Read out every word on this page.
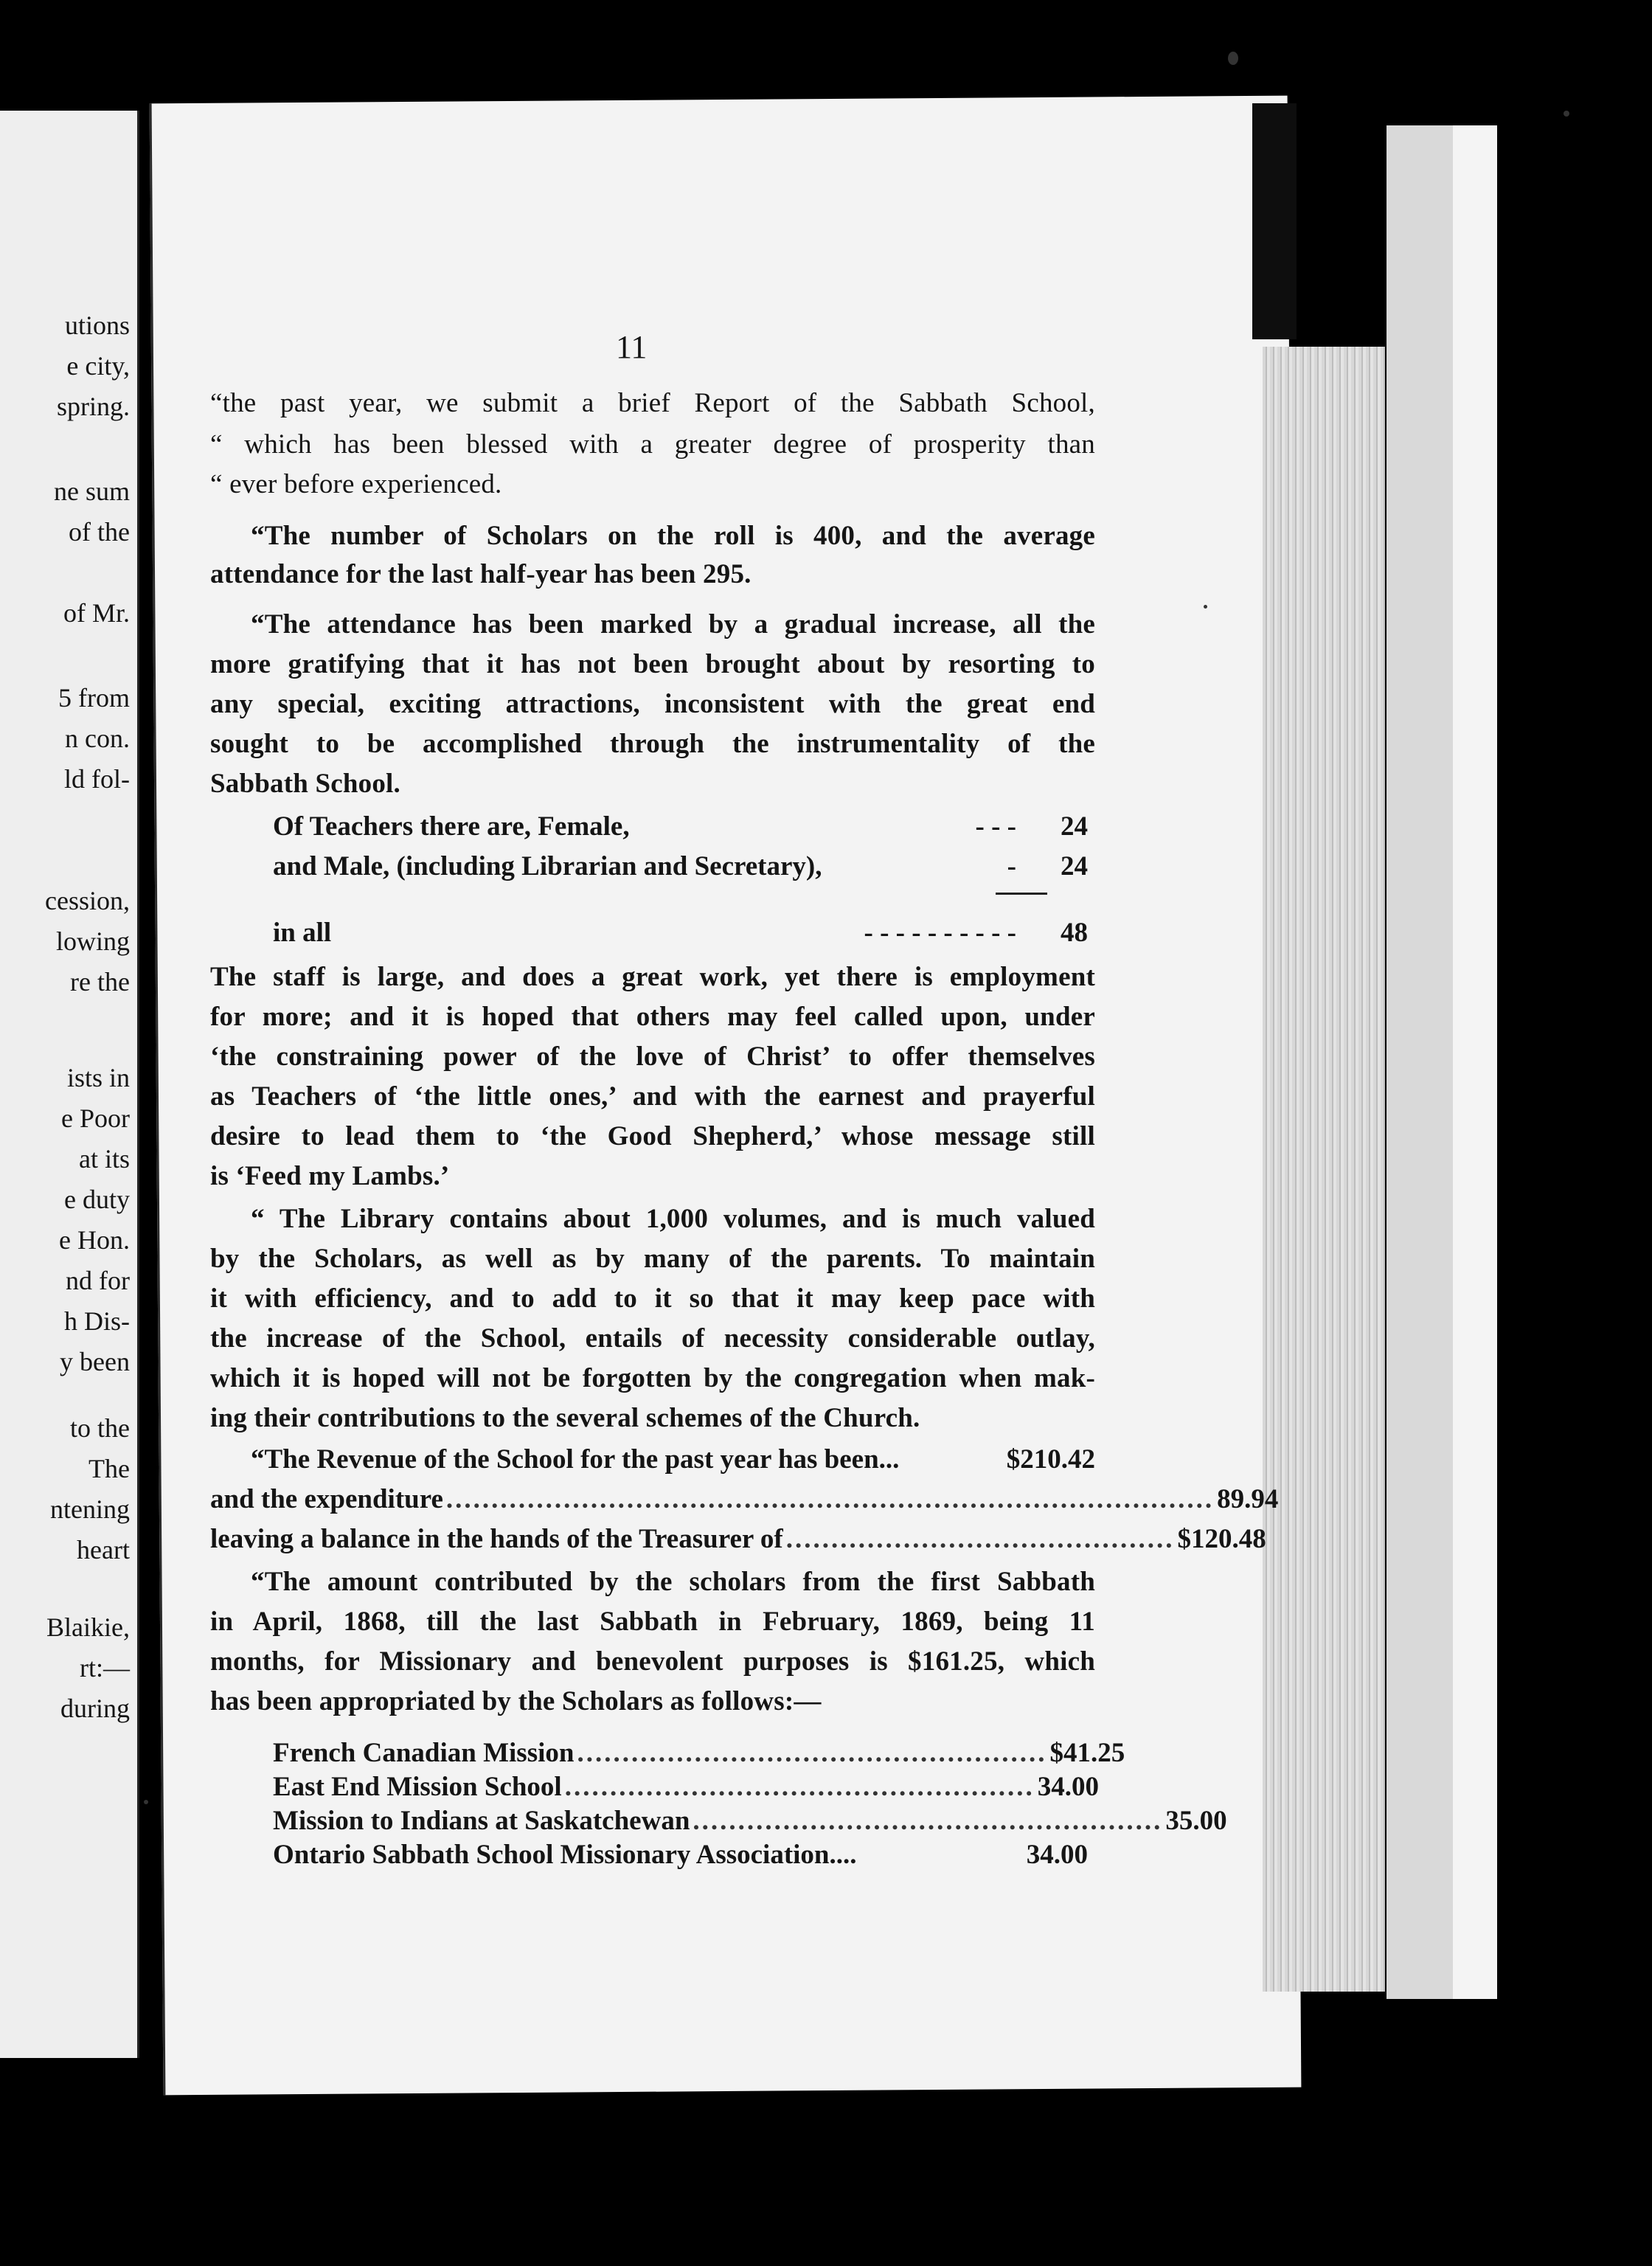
utions
e city,
spring.
ne sum
of the
of Mr.
5 from
n con.
ld fol-
cession,
lowing
re the
ists in
e Poor
at its
e duty
e Hon.
nd for
h Dis-
y been
to the
The
ntening
heart
Blaikie,
rt:—
during
11
“the past year, we submit a brief Report of the Sabbath School,
“ which has been blessed with a greater degree of prosperity than
“ ever before experienced.
“The number of Scholars on the roll is 400, and the average
attendance for the last half-year has been 295.
“The attendance has been marked by a gradual increase, all the
more gratifying that it has not been brought about by resorting to
any special, exciting attractions, inconsistent with the great end
sought to be accomplished through the instrumentality of the
Sabbath School.
Of Teachers there are, Female,	- - - 24
and Male, (including Librarian and Secretary),	- 24
in all	- - - - - - - - - - 48
The staff is large, and does a great work, yet there is employment
for more; and it is hoped that others may feel called upon, under
‘the constraining power of the love of Christ’ to offer themselves
as Teachers of ‘the little ones,’ and with the earnest and prayerful
desire to lead them to ‘the Good Shepherd,’ whose message still
is ‘Feed my Lambs.’
“ The Library contains about 1,000 volumes, and is much valued
by the Scholars, as well as by many of the parents. To maintain
it with efficiency, and to add to it so that it may keep pace with
the increase of the School, entails of necessity considerable outlay,
which it is hoped will not be forgotten by the congregation when mak-
ing their contributions to the several schemes of the Church.
“The Revenue of the School for the past year has been...	$210.42
and the expenditure ..................................................................................... 89.94
leaving a balance in the hands of the Treasurer of ........................................... $120.48
“The amount contributed by the scholars from the first Sabbath
in April, 1868, till the last Sabbath in February, 1869, being 11
months, for Missionary and benevolent purposes is $161.25, which
has been appropriated by the Scholars as follows:—
French Canadian Mission .................................................... $41.25
East End Mission School .................................................... 34.00
Mission to Indians at Saskatchewan .................................................... 35.00
Ontario Sabbath School Missionary Association....	34.00
